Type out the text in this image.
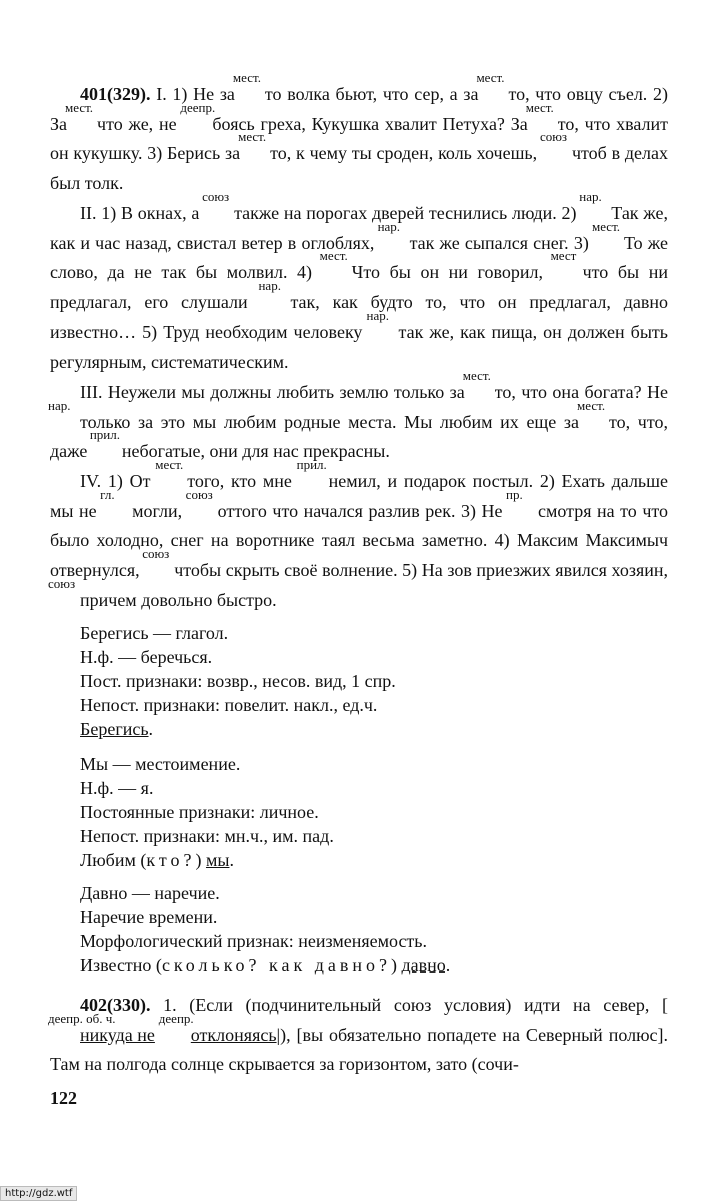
401(329). I. 1) Не за
мест.
то волка бьют, что сер, а за
мест.
то, что овцу съел. 2) За
мест.
что же, не
деепр.
боясь греха, Кукушка хвалит Петуха? За
мест.
то, что хвалит он кукушку. 3) Берись за
мест.
то, к чему ты сроден, коль хочешь,
союз
чтоб в делах был толк.

II. 1) В окнах, а
союз
также на порогах дверей теснились люди. 2)
нар.
Так же, как и час назад, свистал ветер в оглоблях,
нар.
так же сыпался снег. 3)
мест.
То же слово, да не так бы молвил. 4)
мест.
Что бы он ни говорил,
мест
что бы ни предлагал, его слушали
нар.
так, как будто то, что он предлагал, давно известно… 5) Труд необходим человеку
нар.
так же, как пища, он должен быть регулярным, систематическим.

III. Неужели мы должны любить землю только за
мест.
то, что она богата? Не
нар.
только за это мы любим родные места. Мы любим их еще за
мест.
то, что, даже
прил.
небогатые, они для нас прекрасны.

IV. 1) От
мест.
того, кто мне
прил.
немил, и подарок постыл. 2) Ехать дальше мы не
гл.
могли,
союз
оттого что начался разлив рек. 3) Не
пр.
смотря на то что было холодно, снег на воротнике таял весьма заметно. 4) Максим Максимыч отвернулся,
союз
чтобы скрыть своё волнение. 5) На зов приезжих явился хозяин,
союз
причем довольно быстро.

Берегись — глагол.
Н.ф. — беречься.
Пост. признаки: возвр., несов. вид, 1 спр.
Непост. признаки: повелит. накл., ед.ч.
Берегись.
Мы — местоимение.
Н.ф. — я.
Постоянные признаки: личное.
Непост. признаки: мн.ч., им. пад.
Любим (кто?) мы.
Давно — наречие.
Наречие времени.
Морфологический признак: неизменяемость.
Известно (сколько? как давно?) давно.

402(330). 1. (Если (подчинительный союз условия) идти на север, [
деепр. об. ч.
никуда не
деепр.
отклоняясь|), [вы обязательно попадете на Северный полюс]. Там на полгода солнце скрывается за горизонтом, зато (сочи-

122
http://gdz.wtf
